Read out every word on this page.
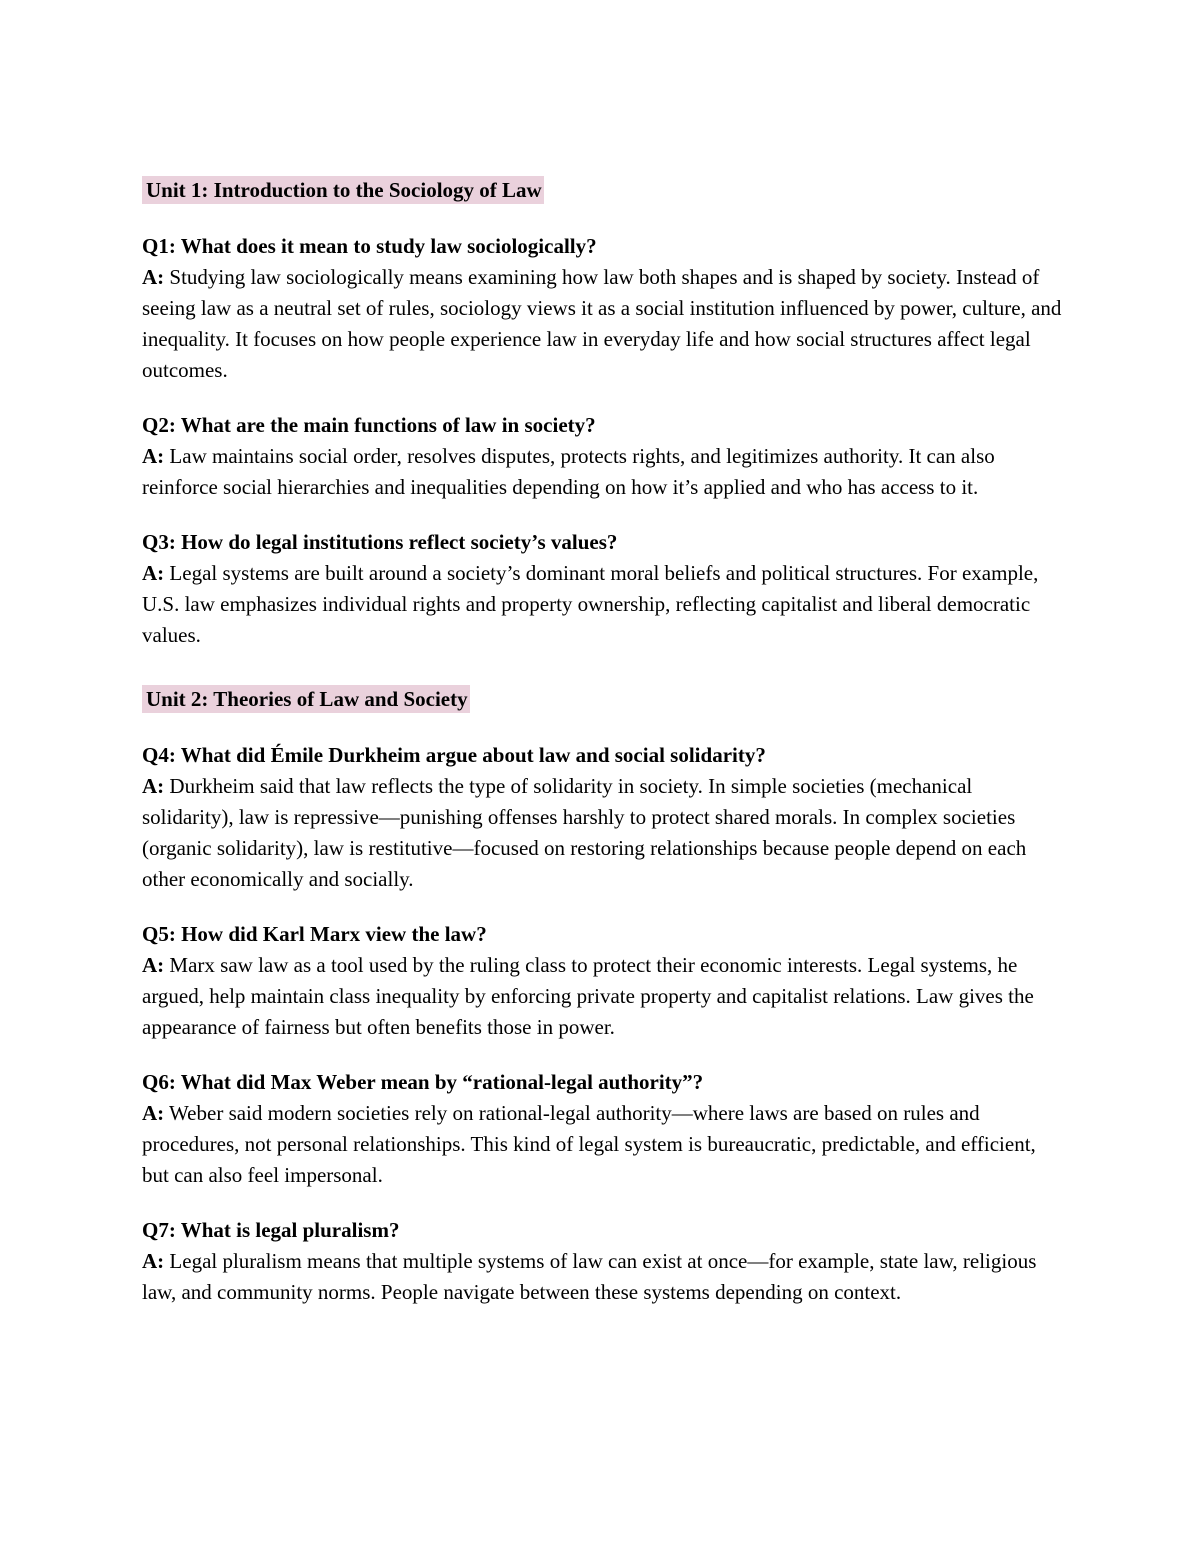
Unit 1: Introduction to the Sociology of Law

Q1: What does it mean to study law sociologically?

A: Studying law sociologically means examining how law both shapes and is shaped by society. Instead of seeing law as a neutral set of rules, sociology views it as a social institution influenced by power, culture, and inequality. It focuses on how people experience law in everyday life and how social structures affect legal outcomes.

Q2: What are the main functions of law in society?

A: Law maintains social order, resolves disputes, protects rights, and legitimizes authority. It can also reinforce social hierarchies and inequalities depending on how it’s applied and who has access to it.

Q3: How do legal institutions reflect society’s values?

A: Legal systems are built around a society’s dominant moral beliefs and political structures. For example, U.S. law emphasizes individual rights and property ownership, reflecting capitalist and liberal democratic values.

Unit 2: Theories of Law and Society

Q4: What did Émile Durkheim argue about law and social solidarity?

A: Durkheim said that law reflects the type of solidarity in society. In simple societies (mechanical solidarity), law is repressive—punishing offenses harshly to protect shared morals. In complex societies (organic solidarity), law is restitutive—focused on restoring relationships because people depend on each other economically and socially.

Q5: How did Karl Marx view the law?

A: Marx saw law as a tool used by the ruling class to protect their economic interests. Legal systems, he argued, help maintain class inequality by enforcing private property and capitalist relations. Law gives the appearance of fairness but often benefits those in power.

Q6: What did Max Weber mean by “rational-legal authority”?

A: Weber said modern societies rely on rational-legal authority—where laws are based on rules and procedures, not personal relationships. This kind of legal system is bureaucratic, predictable, and efficient, but can also feel impersonal.

Q7: What is legal pluralism?

A: Legal pluralism means that multiple systems of law can exist at once—for example, state law, religious law, and community norms. People navigate between these systems depending on context.
